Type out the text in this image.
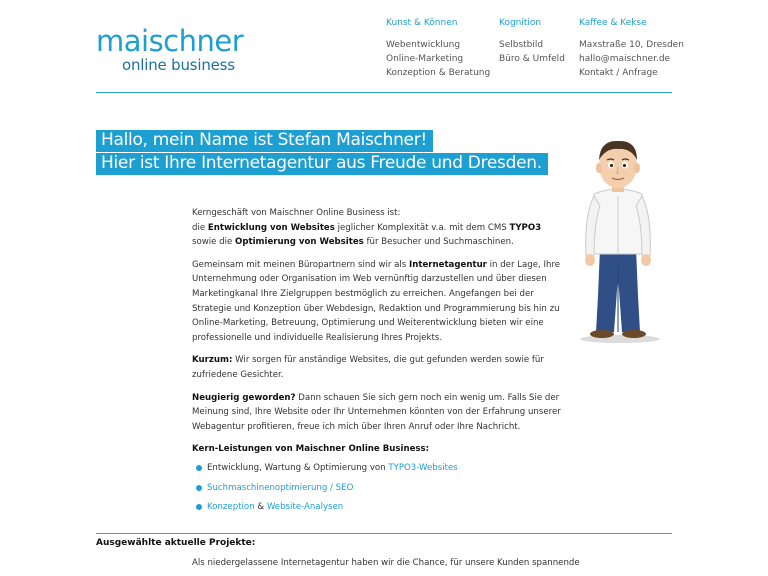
maischner
online business
Kunst & Können
Webentwicklung
Online-Marketing
Konzeption & Beratung
Kognition
Selbstbild
Büro & Umfeld
Kaffee & Kekse
Maxstraße 10, Dresden
hallo@maischner.de
Kontakt / Anfrage
Hallo, mein Name ist Stefan Maischner!
Hier ist Ihre Internetagentur aus Freude und Dresden.

Kerngeschäft von Maischner Online Business ist:
die Entwicklung von Websites jeglicher Komplexität v.a. mit dem CMS TYPO3
sowie die Optimierung von Websites für Besucher und Suchmaschinen.

Gemeinsam mit meinen Büropartnern sind wir als Internetagentur in der Lage, Ihre Unternehmung oder Organisation im Web vernünftig darzustellen und über diesen Marketingkanal Ihre Zielgruppen bestmöglich zu erreichen. Angefangen bei der Strategie und Konzeption über Webdesign, Redaktion und Programmierung bis hin zu Online-Marketing, Betreuung, Optimierung und Weiterentwicklung bieten wir eine professionelle und individuelle Realisierung Ihres Projekts.

Kurzum: Wir sorgen für anständige Websites, die gut gefunden werden sowie für zufriedene Gesichter.

Neugierig geworden? Dann schauen Sie sich gern noch ein wenig um. Falls Sie der Meinung sind, Ihre Website oder Ihr Unternehmen könnten von der Erfahrung unserer Webagentur profitieren, freue ich mich über Ihren Anruf oder Ihre Nachricht.

Kern-Leistungen von Maischner Online Business:

Entwicklung, Wartung & Optimierung von TYPO3-Websites
Suchmaschinenoptimierung / SEO
Konzeption & Website-Analysen
Ausgewählte aktuelle Projekte:
Als niedergelassene Internetagentur haben wir die Chance, für unsere Kunden spannende
